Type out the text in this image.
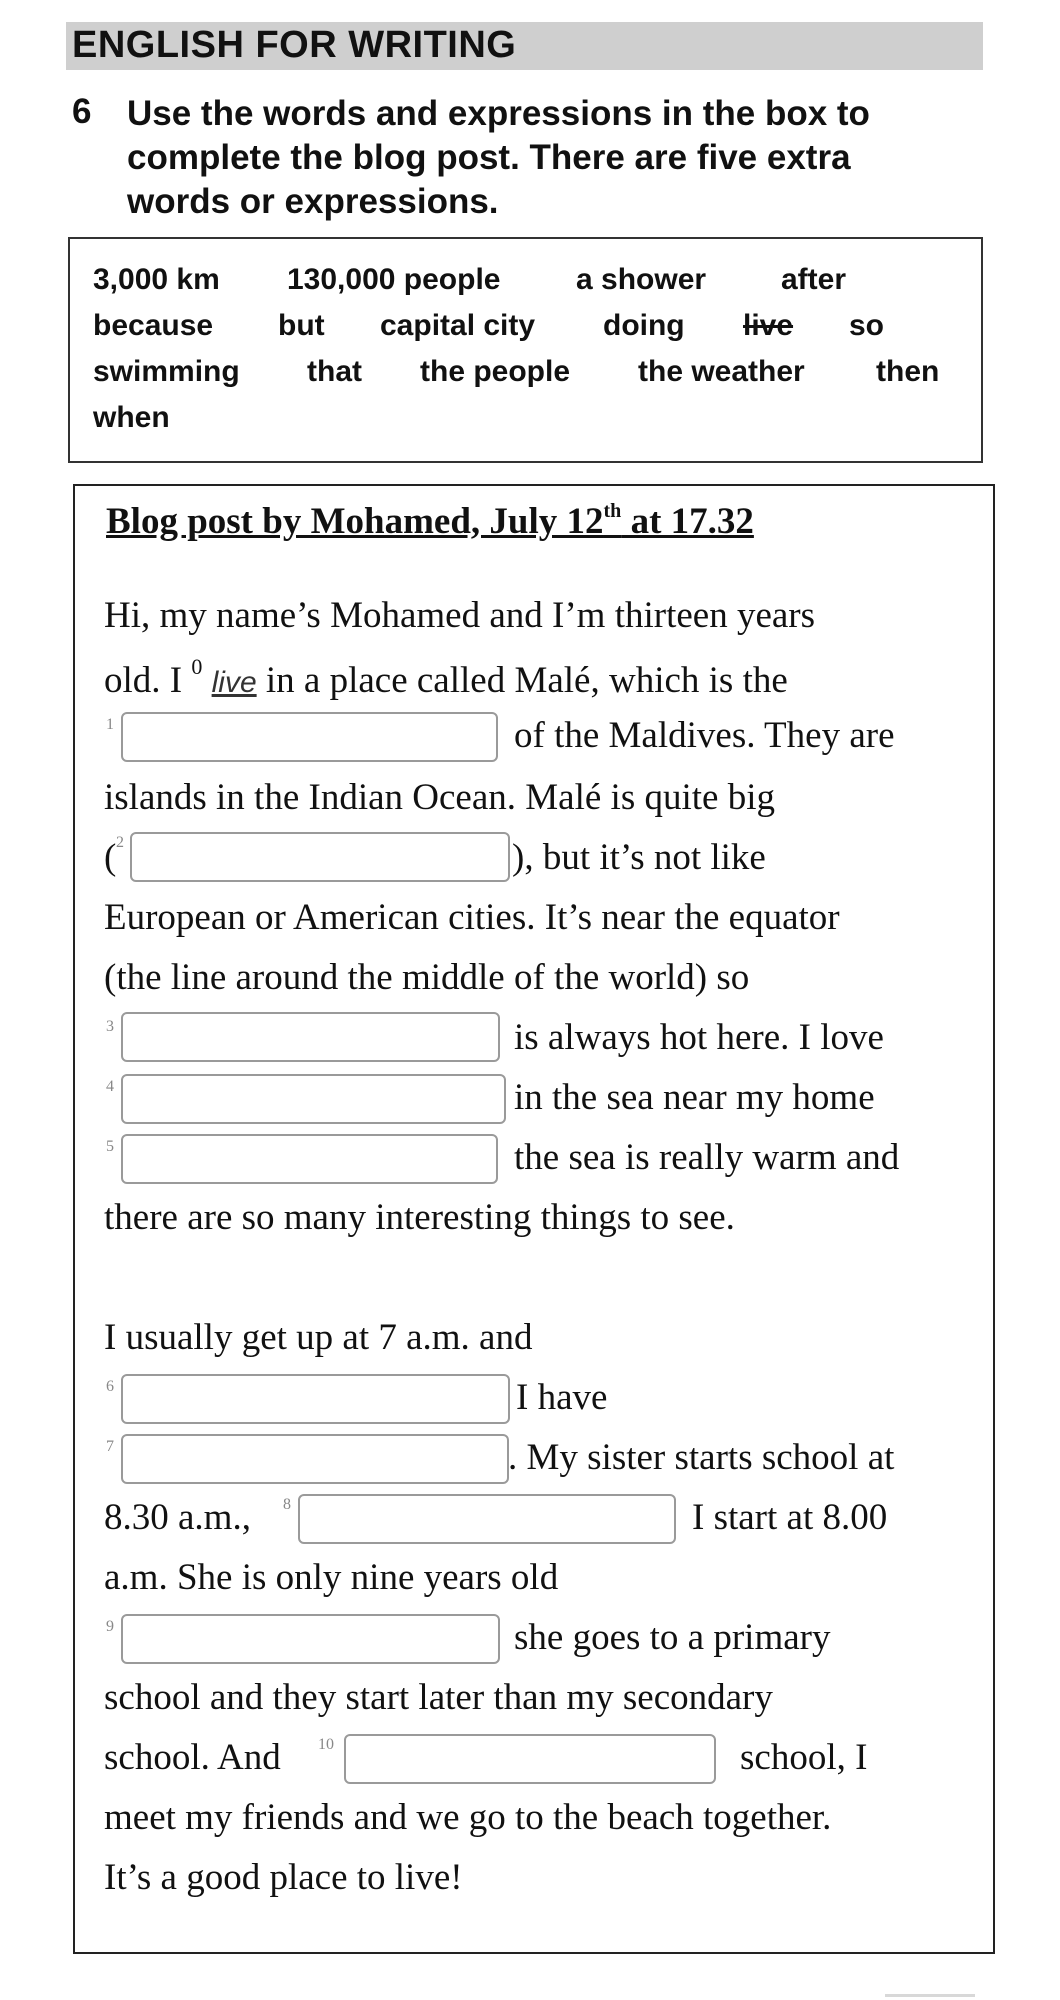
ENGLISH FOR WRITING
6 Use the words and expressions in the box to
complete the blog post. There are five extra
words or expressions.
3,000 km 130,000 people	a shower after
because but capital city doing live so
swimming that the people the weather then
when
Blog post by Mohamed, July 12th at 17.32
Hi, my name’s Mohamed and I’m thirteen years
old. I $^0$ live in a place called Malé, which is the
1	of the Maldives. They are
islands in the Indian Ocean. Malé is quite big
( 2	), but it’s not like
European or American cities. It’s near the equator
(the line around the middle of the world) so
3	is always hot here. I love
4	in the sea near my home
5	the sea is really warm and
there are so many interesting things to see.
I usually get up at 7 a.m. and
6	I have
7	. My sister starts school at
8.30 a.m., 8	I start at 8.00
a.m. She is only nine years old
9	she goes to a primary
school and they start later than my secondary
school. And 10	school, I
meet my friends and we go to the beach together.
It’s a good place to live!
